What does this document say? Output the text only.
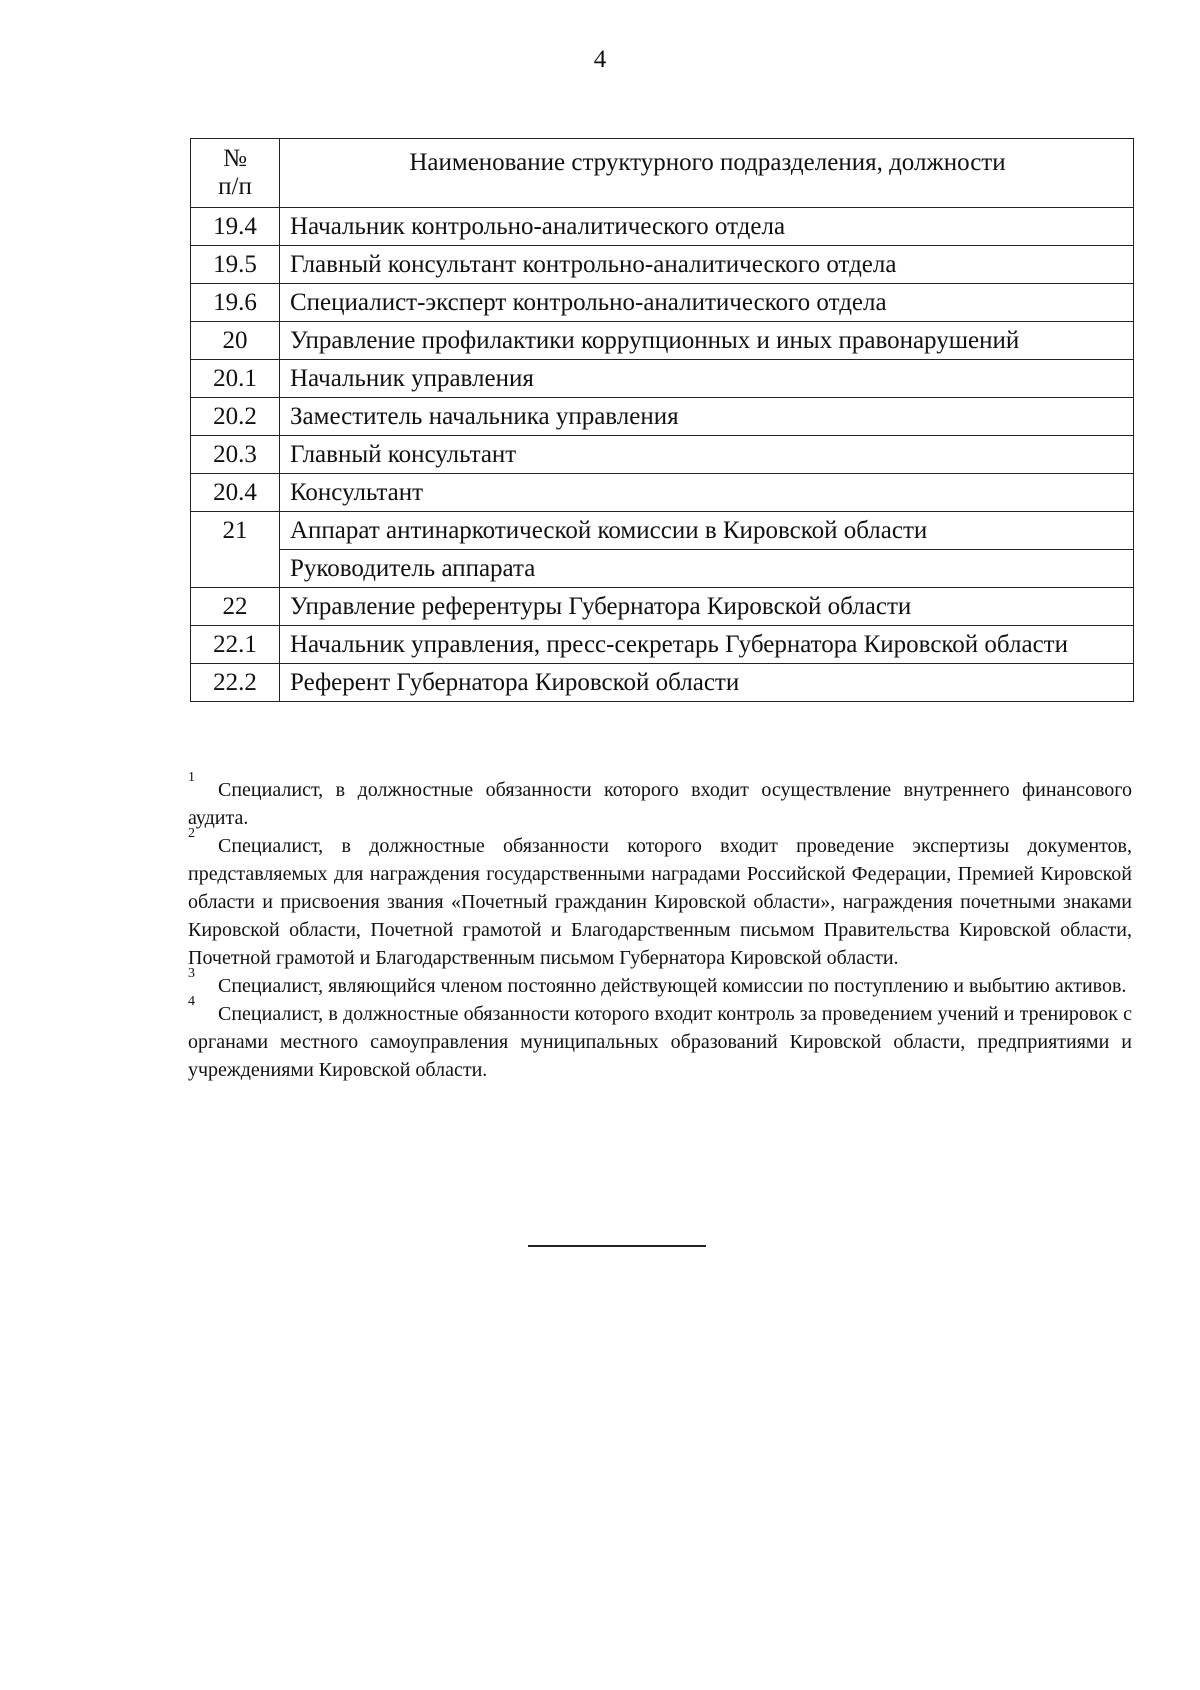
4
№
п/п	Наименование структурного подразделения, должности
19.4	Начальник контрольно-аналитического отдела
19.5	Главный консультант контрольно-аналитического отдела
19.6	Специалист-эксперт контрольно-аналитического отдела
20	Управление профилактики коррупционных и иных правонарушений
20.1	Начальник управления
20.2	Заместитель начальника управления
20.3	Главный консультант
20.4	Консультант
21	Аппарат антинаркотической комиссии в Кировской области
	Руководитель аппарата
22	Управление референтуры Губернатора Кировской области
22.1	Начальник управления, пресс-секретарь Губернатора Кировской области
22.2	Референт Губернатора Кировской области

1
Специалист, в должностные обязанности которого входит осуществление внутреннего финансового аудита.

2
Специалист, в должностные обязанности которого входит проведение экспертизы документов, представляемых для награждения государственными наградами Российской Федерации, Премией Кировской области и присвоения звания «Почетный гражданин Кировской области», награждения почетными знаками Кировской области, Почетной грамотой и Благодарственным письмом Правительства Кировской области, Почетной грамотой и Благодарственным письмом Губернатора Кировской области.

3
Специалист, являющийся членом постоянно действующей комиссии по поступлению и выбытию активов.

4
Специалист, в должностные обязанности которого входит контроль за проведением учений и тренировок с органами местного самоуправления муниципальных образований Кировской области, предприятиями и учреждениями Кировской области.
